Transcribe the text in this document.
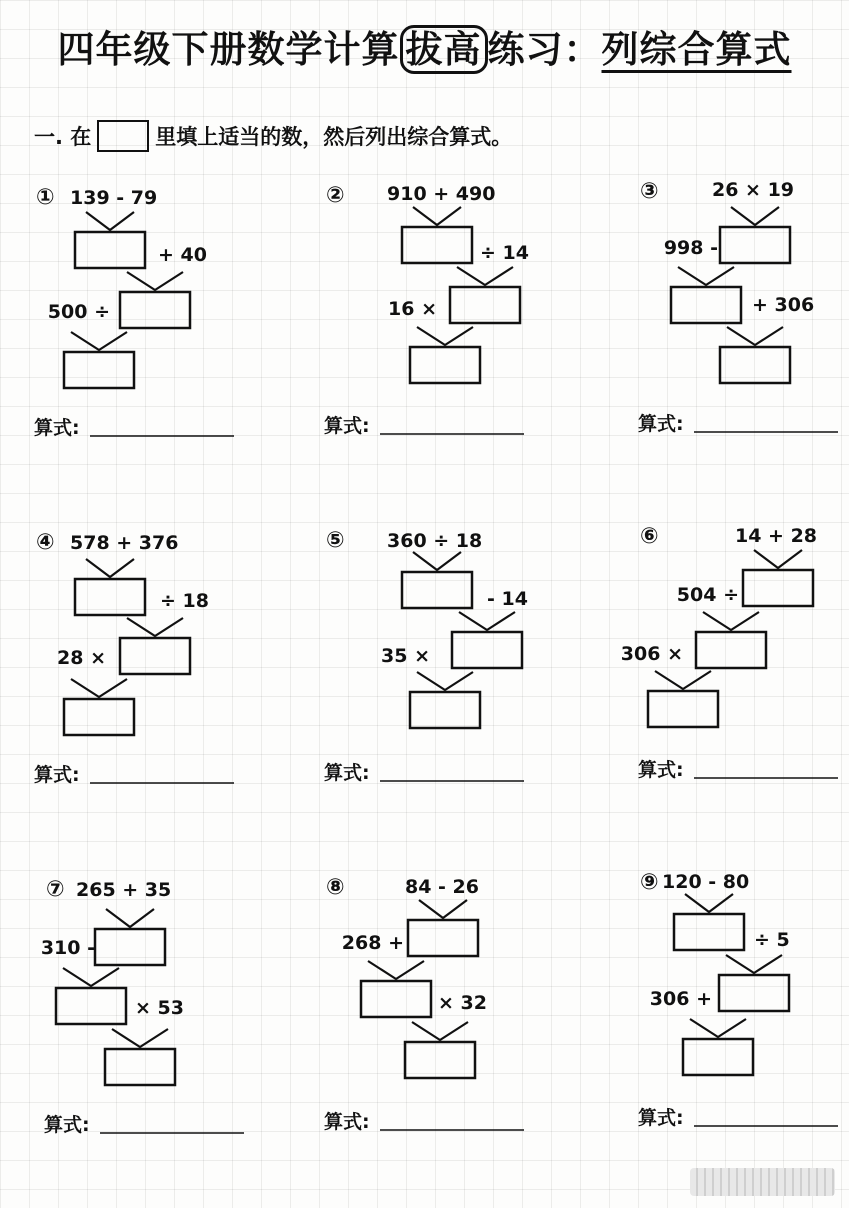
四年级下册数学计算 拔高 练习：列综合算式
一. 在	里填上适当的数，然后列出综合算式。
① 139 - 79
+ 40
500 ÷
算式:
② 910 + 490
÷ 14
16 ×
算式:
③	26 × 19
998 -
+ 306
算式:
④ 578 + 376
÷ 18
28 ×
算式:
⑤ 360 ÷ 18
- 14
35 ×
算式:
⑥	14 + 28
504 ÷
306 ×
算式:
⑦ 265 + 35
310 -
× 53
算式:
⑧	84 - 26
268 +
× 32
算式:
⑨ 120 - 80
÷ 5
306 +
算式:
